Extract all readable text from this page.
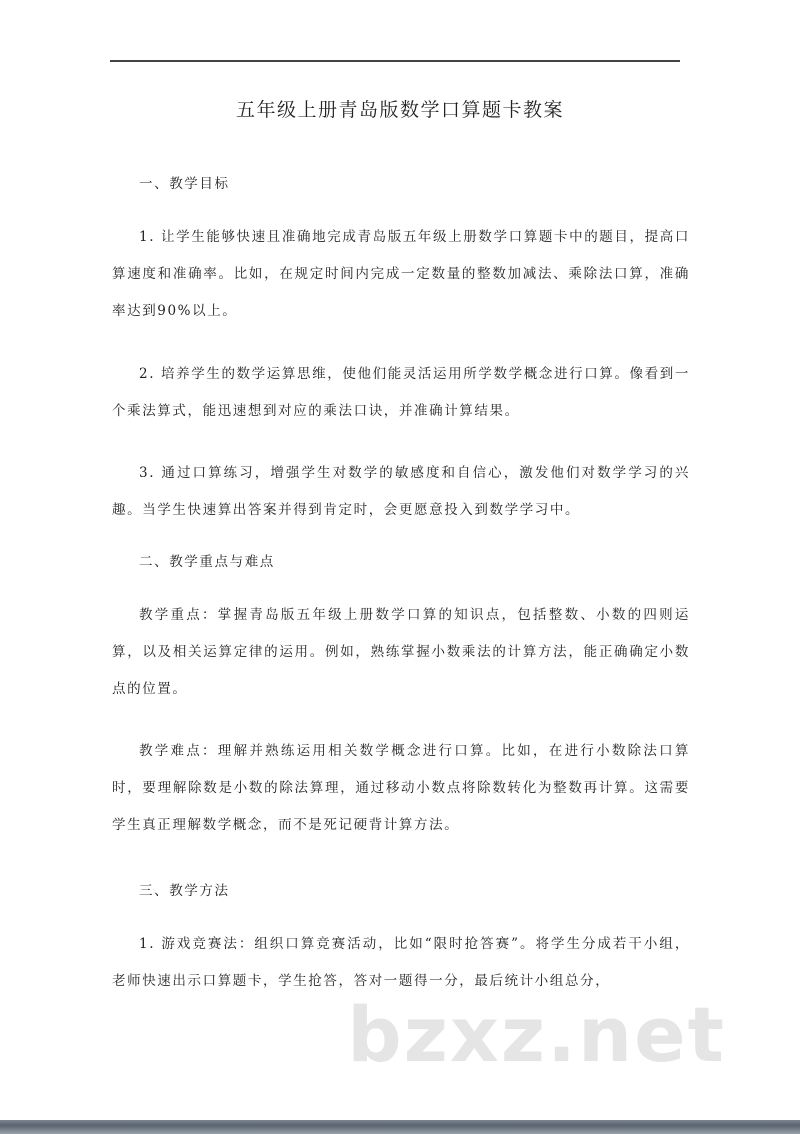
五年级上册青岛版数学口算题卡教案

一、教学目标

1. 让学生能够快速且准确地完成青岛版五年级上册数学口算题卡中的题目，提高口算速度和准确率。比如，在规定时间内完成一定数量的整数加减法、乘除法口算，准确率达到90%以上。

2. 培养学生的数学运算思维，使他们能灵活运用所学数学概念进行口算。像看到一个乘法算式，能迅速想到对应的乘法口诀，并准确计算结果。

3. 通过口算练习，增强学生对数学的敏感度和自信心，激发他们对数学学习的兴趣。当学生快速算出答案并得到肯定时，会更愿意投入到数学学习中。

二、教学重点与难点

教学重点：掌握青岛版五年级上册数学口算的知识点，包括整数、小数的四则运算，以及相关运算定律的运用。例如，熟练掌握小数乘法的计算方法，能正确确定小数点的位置。

教学难点：理解并熟练运用相关数学概念进行口算。比如，在进行小数除法口算时，要理解除数是小数的除法算理，通过移动小数点将除数转化为整数再计算。这需要学生真正理解数学概念，而不是死记硬背计算方法。

三、教学方法

1. 游戏竞赛法：组织口算竞赛活动，比如“限时抢答赛”。将学生分成若干小组，老师快速出示口算题卡，学生抢答，答对一题得一分，最后统计小组总分，

bzxz.net
